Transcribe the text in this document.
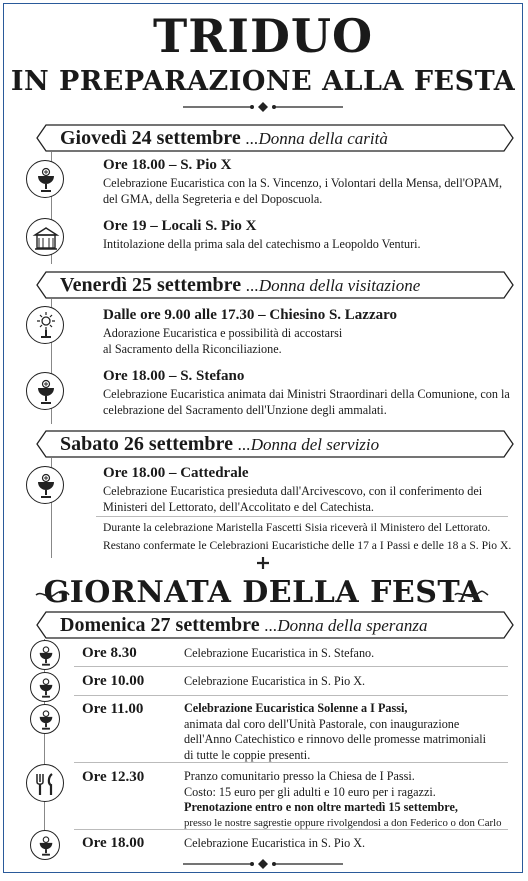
TRIDUO
IN PREPARAZIONE ALLA FESTA
Giovedì 24 settembre ...Donna della carità
Ore 18.00 – S. Pio X
Celebrazione Eucaristica con la S. Vincenzo, i Volontari della Mensa, dell'OPAM, del GMA, della Segreteria e del Doposcuola.
Ore 19 – Locali S. Pio X
Intitolazione della prima sala del catechismo a Leopoldo Venturi.
Venerdì 25 settembre ...Donna della visitazione
Dalle ore 9.00 alle 17.30 – Chiesino S. Lazzaro
Adorazione Eucaristica e possibilità di accostarsi al Sacramento della Riconciliazione.
Ore 18.00 – S. Stefano
Celebrazione Eucaristica animata dai Ministri Straordinari della Comunione, con la celebrazione del Sacramento dell'Unzione degli ammalati.
Sabato 26 settembre ...Donna del servizio
Ore 18.00 – Cattedrale
Celebrazione Eucaristica presieduta dall'Arcivescovo, con il conferimento dei Ministeri del Lettorato, dell'Accolitato e del Catechista.
Durante la celebrazione Maristella Fascetti Sisia riceverà il Ministero del Lettorato.
Restano confermate le Celebrazioni Eucaristiche delle 17 a I Passi e delle 18 a S. Pio X.
GIORNATA DELLA FESTA
Domenica 27 settembre ...Donna della speranza
Ore 8.30	Celebrazione Eucaristica in S. Stefano.
Ore 10.00	Celebrazione Eucaristica in S. Pio X.
Ore 11.00	Celebrazione Eucaristica Solenne a I Passi,
animata dal coro dell'Unità Pastorale, con inaugurazione
dell'Anno Catechistico e rinnovo delle promesse matrimoniali
di tutte le coppie presenti.
Ore 12.30	Pranzo comunitario presso la Chiesa de I Passi.
Costo: 15 euro per gli adulti e 10 euro per i ragazzi.
Prenotazione entro e non oltre martedì 15 settembre,
presso le nostre sagrestie oppure rivolgendosi a don Federico o don Carlo
Ore 18.00	Celebrazione Eucaristica in S. Pio X.
